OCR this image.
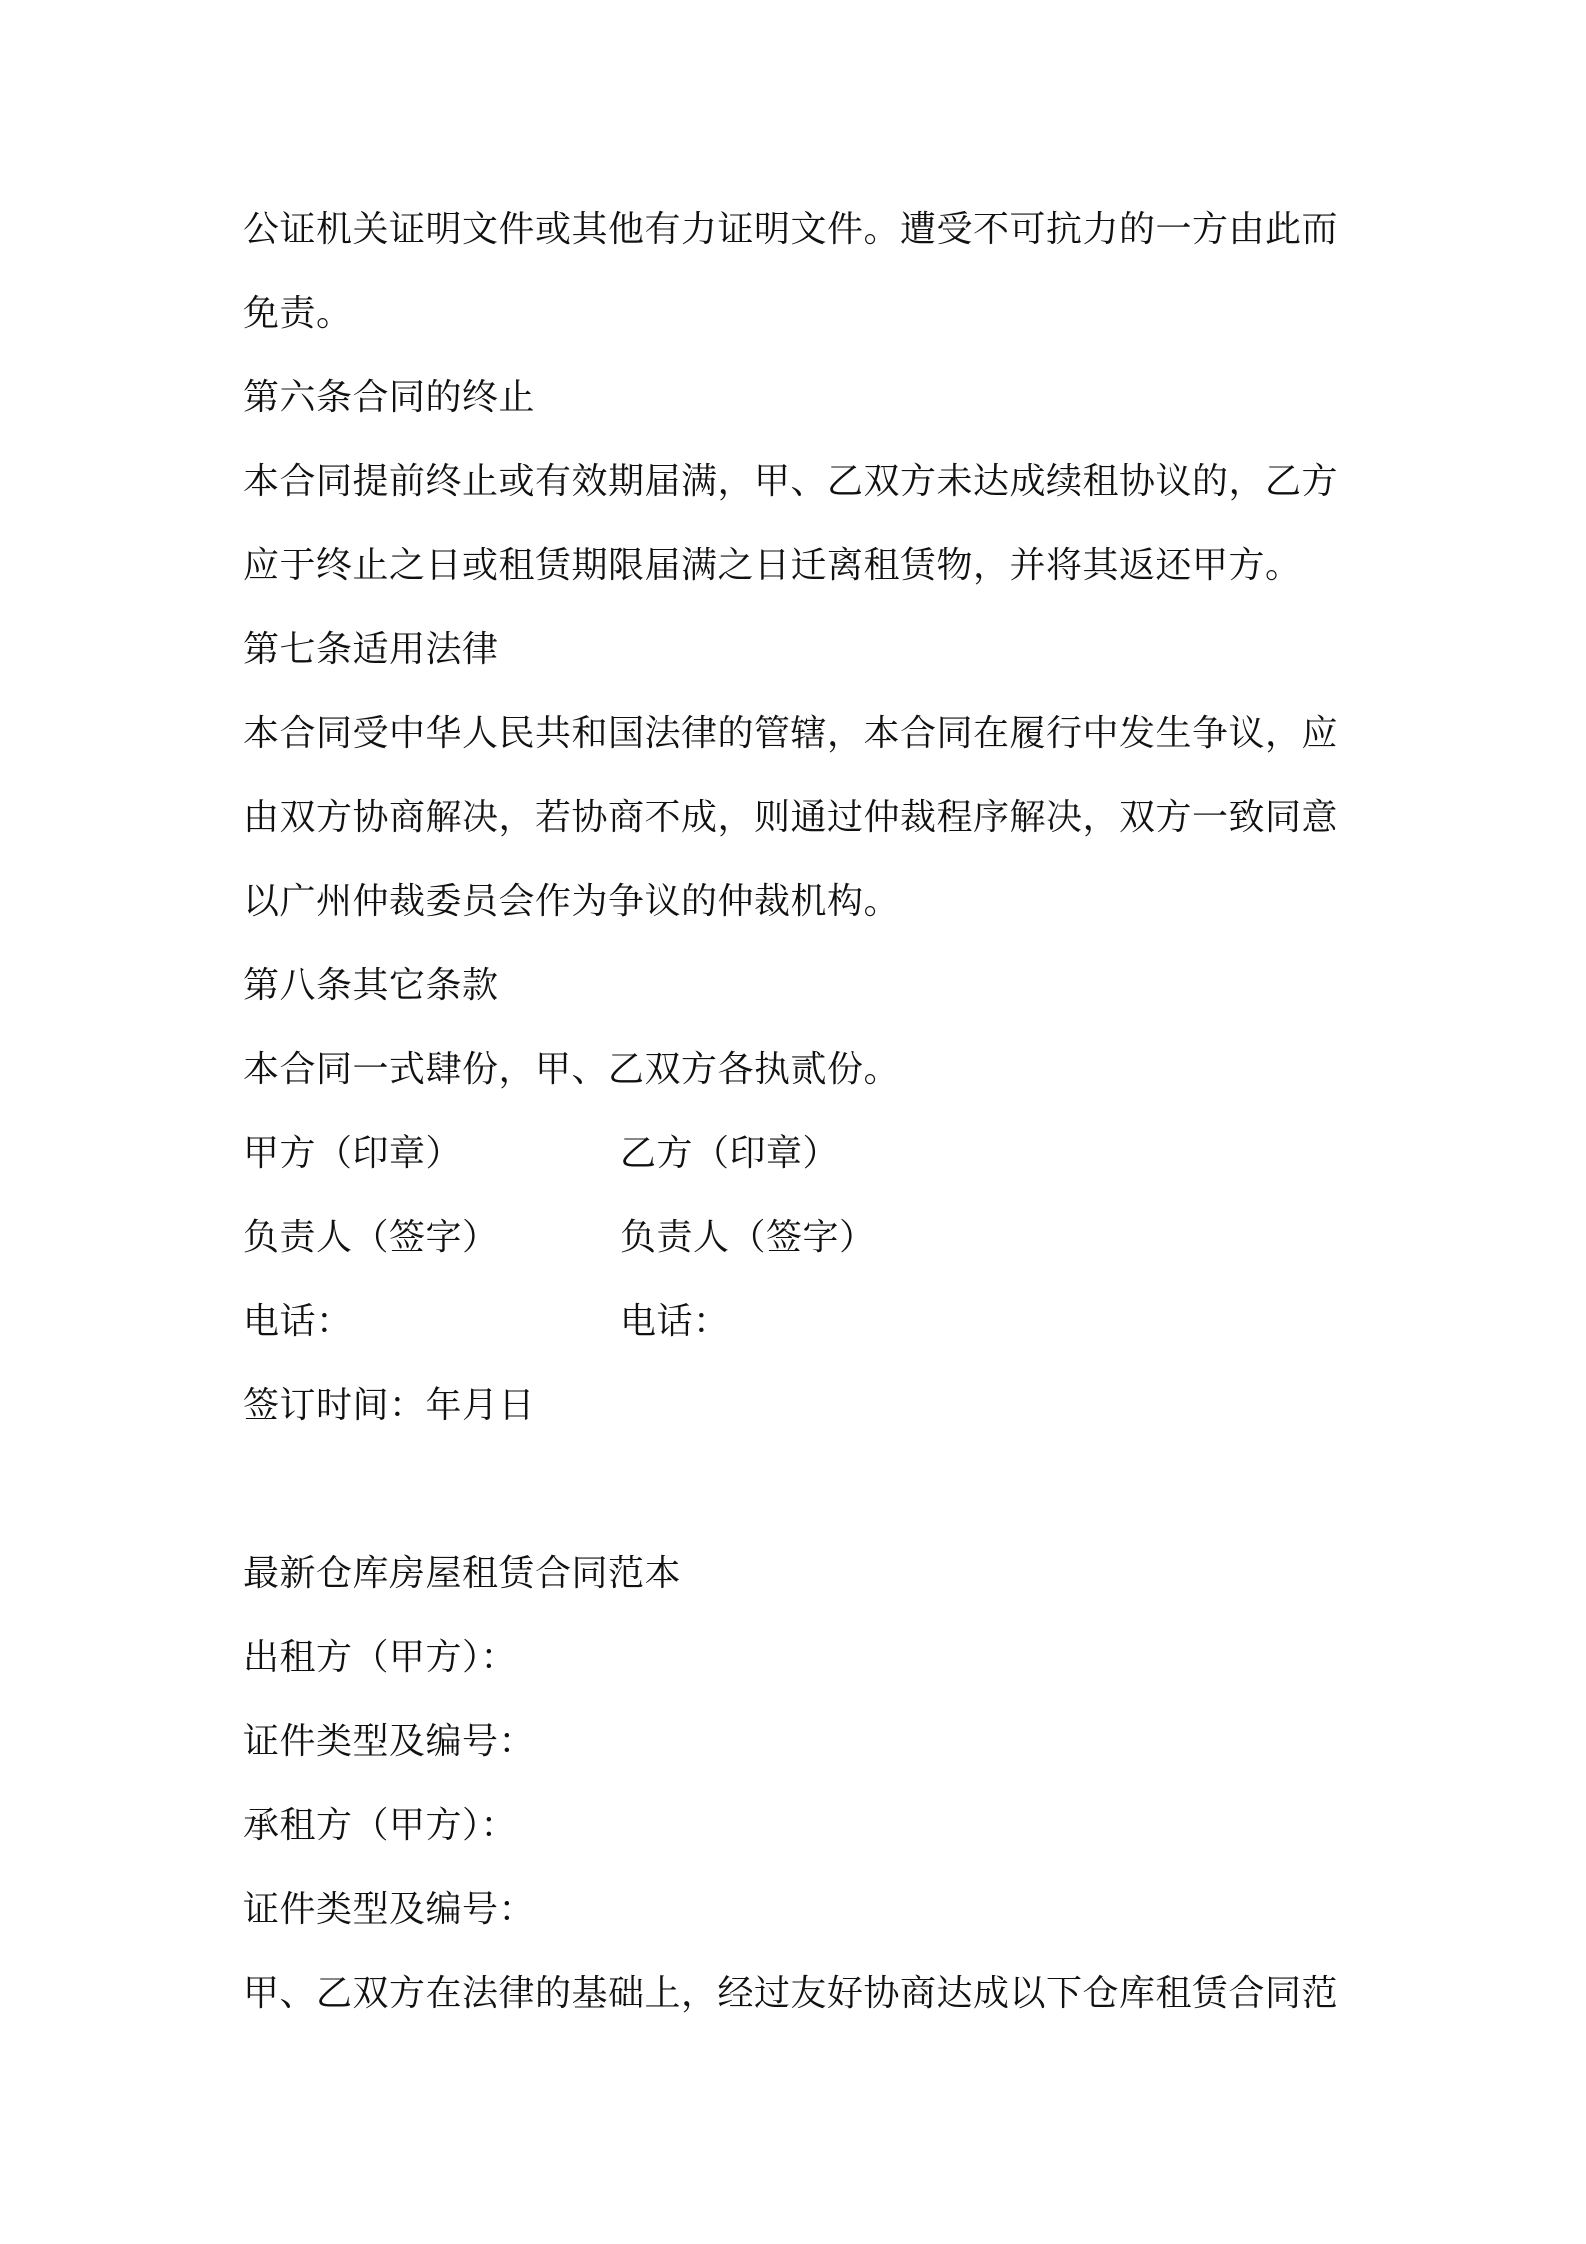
公证机关证明文件或其他有力证明文件。遭受不可抗力的一方由此而
免责。
第六条合同的终止
本合同提前终止或有效期届满，甲、乙双方未达成续租协议的，乙方
应于终止之日或租赁期限届满之日迁离租赁物，并将其返还甲方。
第七条适用法律
本合同受中华人民共和国法律的管辖，本合同在履行中发生争议，应
由双方协商解决，若协商不成，则通过仲裁程序解决，双方一致同意
以广州仲裁委员会作为争议的仲裁机构。
第八条其它条款
本合同一式肆份，甲、乙双方各执贰份。
甲方（印章）	乙方（印章）
负责人（签字）	负责人（签字）
电话：	电话：
签订时间：年月日
最新仓库房屋租赁合同范本
出租方（甲方）：
证件类型及编号：
承租方（甲方）：
证件类型及编号：
甲、乙双方在法律的基础上，经过友好协商达成以下仓库租赁合同范
